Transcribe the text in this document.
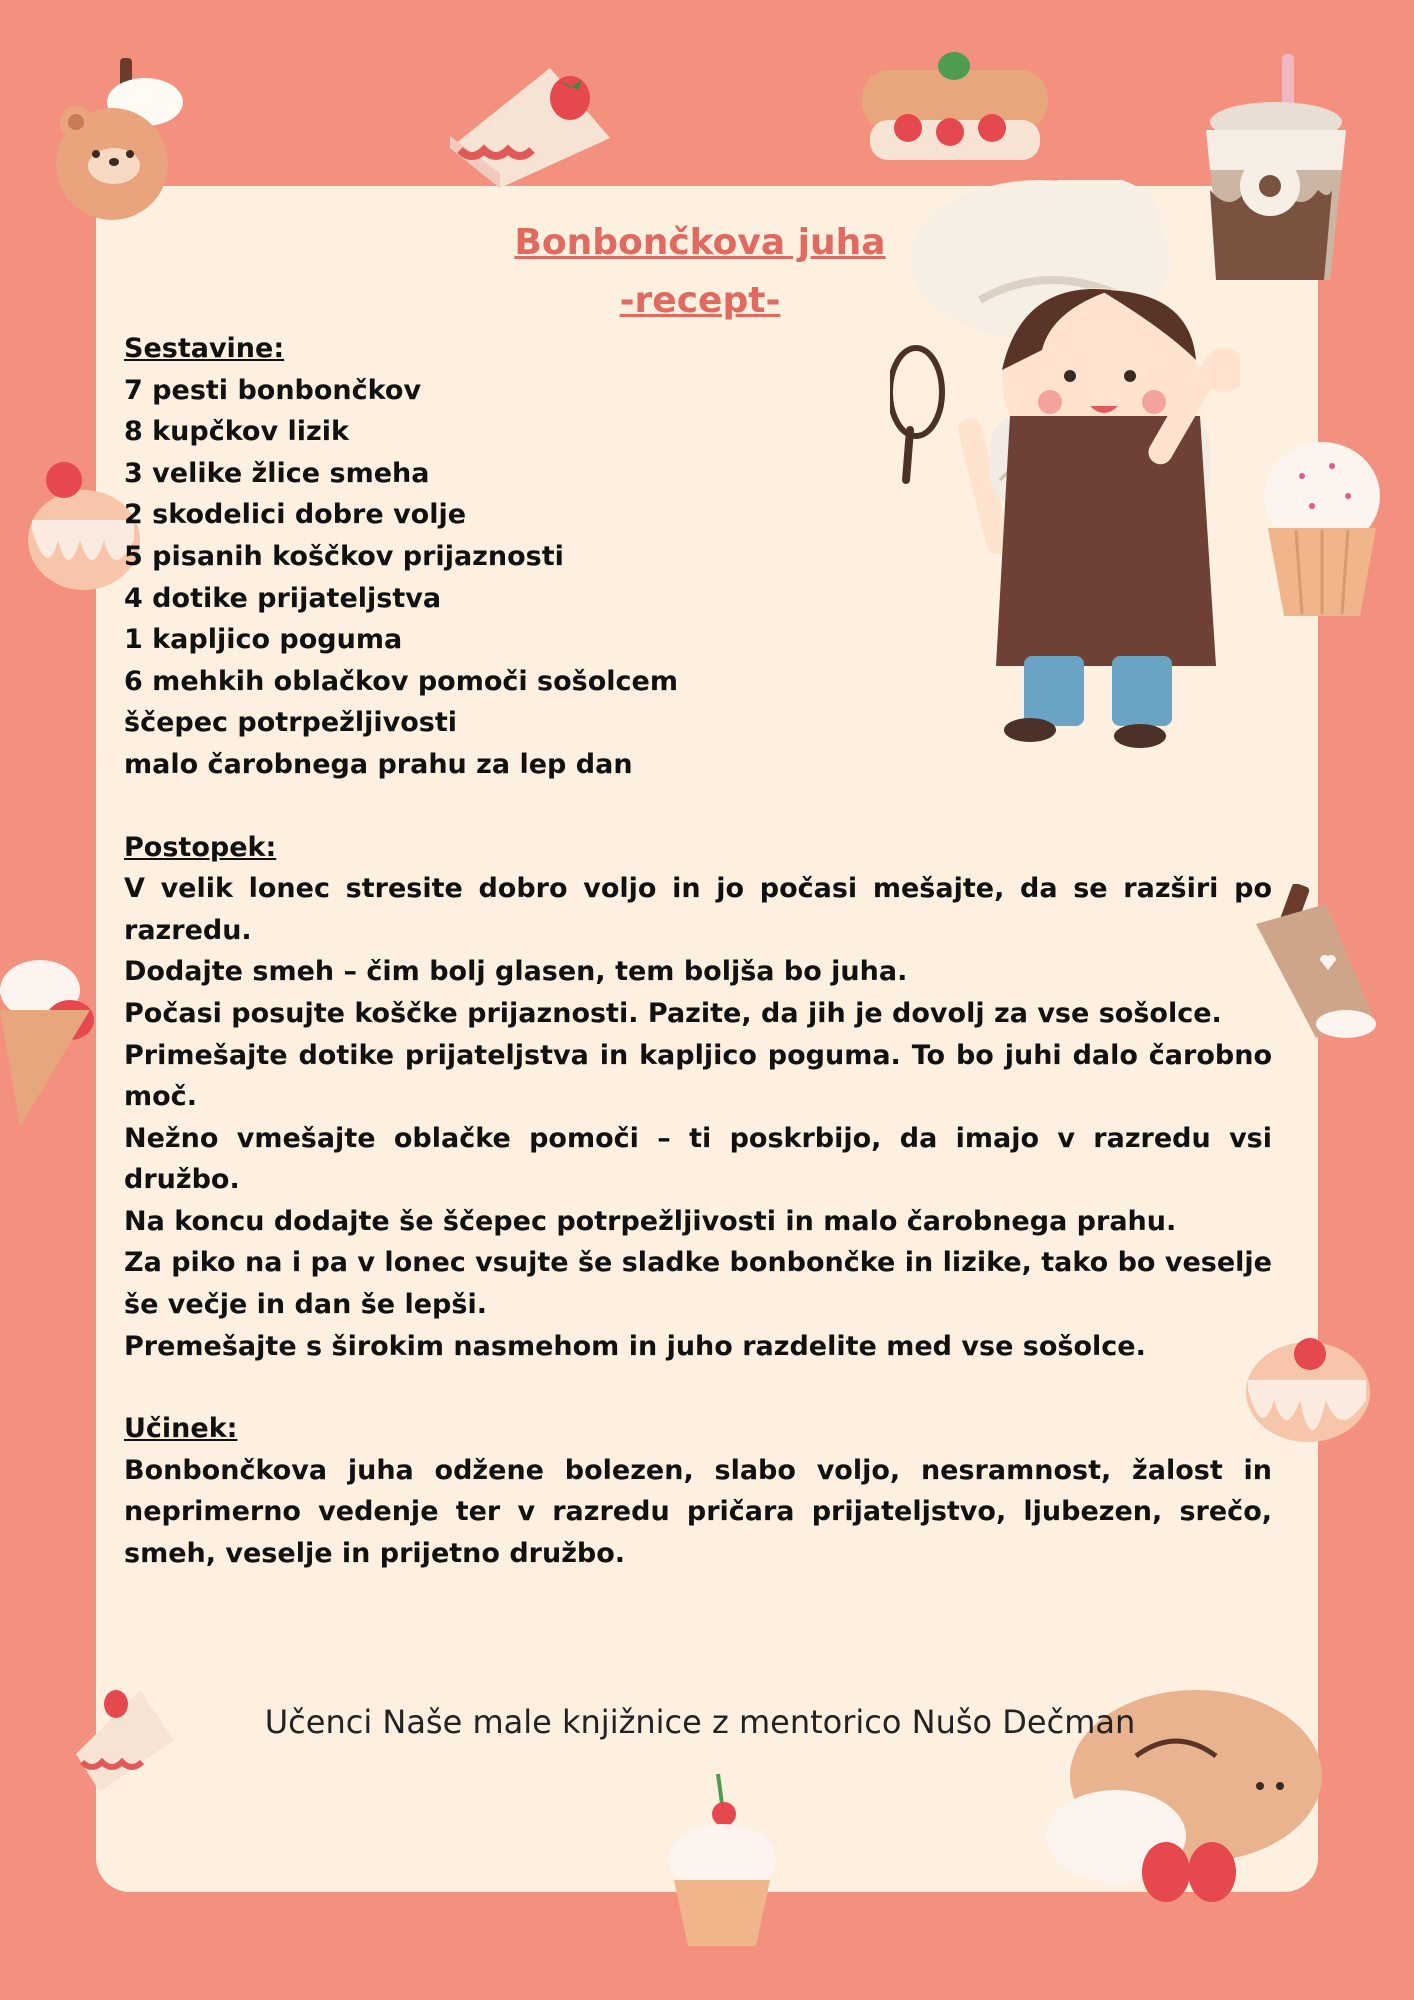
Bonbončkova juha
-recept-
Sestavine:
7 pesti bonbončkov
8 kupčkov lizik
3 velike žlice smeha
2 skodelici dobre volje
5 pisanih koščkov prijaznosti
4 dotike prijateljstva
1 kapljico poguma
6 mehkih oblačkov pomoči sošolcem
ščepec potrpežljivosti
malo čarobnega prahu za lep dan
Postopek:
V velik lonec stresite dobro voljo in jo počasi mešajte, da se razširi po razredu.
Dodajte smeh – čim bolj glasen, tem boljša bo juha.
Počasi posujte koščke prijaznosti. Pazite, da jih je dovolj za vse sošolce.
Primešajte dotike prijateljstva in kapljico poguma. To bo juhi dalo čarobno moč.
Nežno vmešajte oblačke pomoči – ti poskrbijo, da imajo v razredu vsi družbo.
Na koncu dodajte še ščepec potrpežljivosti in malo čarobnega prahu.
Za piko na i pa v lonec vsujte še sladke bonbončke in lizike, tako bo veselje še večje in dan še lepši.
Premešajte s širokim nasmehom in juho razdelite med vse sošolce.
Učinek:
Bonbončkova juha odžene bolezen, slabo voljo, nesramnost, žalost in neprimerno vedenje ter v razredu pričara prijateljstvo, ljubezen, srečo, smeh, veselje in prijetno družbo.
Učenci Naše male knjižnice z mentorico Nušo Dečman
